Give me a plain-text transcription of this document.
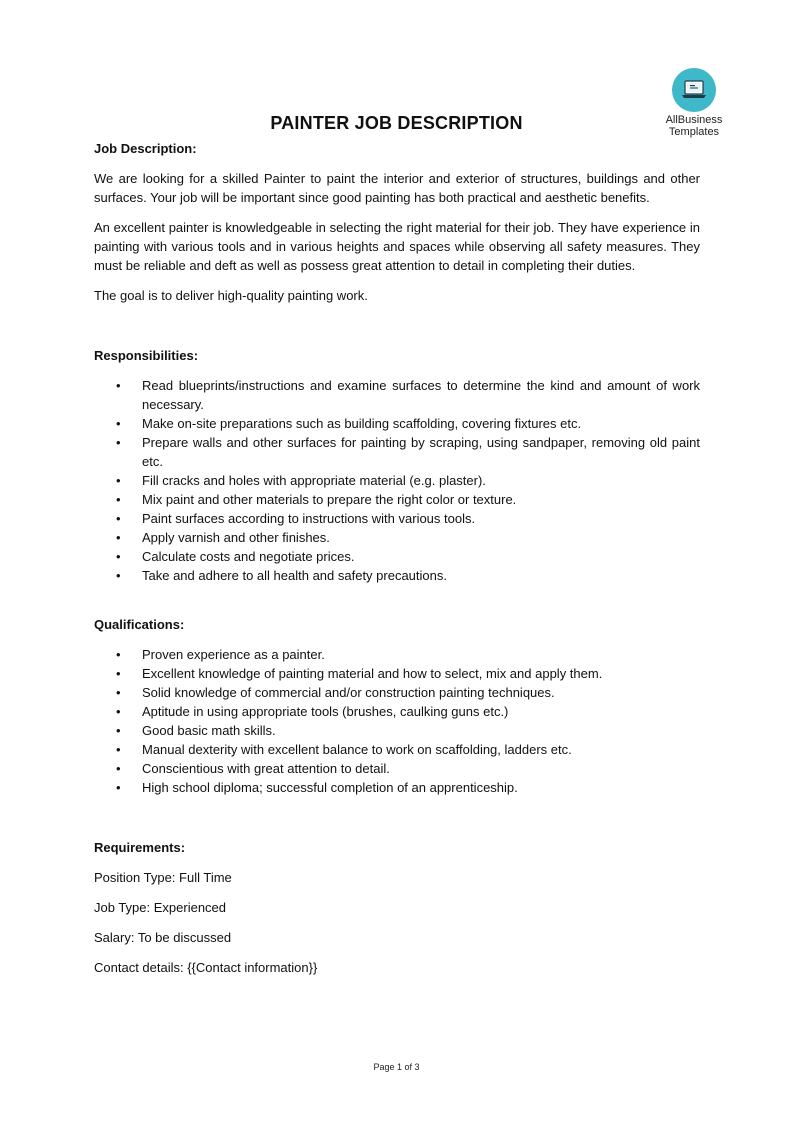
AllBusiness
Templates
PAINTER JOB DESCRIPTION
Job Description:

We are looking for a skilled Painter to paint the interior and exterior of structures, buildings and other surfaces. Your job will be important since good painting has both practical and aesthetic benefits.

An excellent painter is knowledgeable in selecting the right material for their job. They have experience in painting with various tools and in various heights and spaces while observing all safety measures. They must be reliable and deft as well as possess great attention to detail in completing their duties.

The goal is to deliver high-quality painting work.

Responsibilities:
• Read blueprints/instructions and examine surfaces to determine the kind and amount of work necessary.
• Make on-site preparations such as building scaffolding, covering fixtures etc.
• Prepare walls and other surfaces for painting by scraping, using sandpaper, removing old paint etc.
• Fill cracks and holes with appropriate material (e.g. plaster).
• Mix paint and other materials to prepare the right color or texture.
• Paint surfaces according to instructions with various tools.
• Apply varnish and other finishes.
• Calculate costs and negotiate prices.
• Take and adhere to all health and safety precautions.
Qualifications:
• Proven experience as a painter.
• Excellent knowledge of painting material and how to select, mix and apply them.
• Solid knowledge of commercial and/or construction painting techniques.
• Aptitude in using appropriate tools (brushes, caulking guns etc.)
• Good basic math skills.
• Manual dexterity with excellent balance to work on scaffolding, ladders etc.
• Conscientious with great attention to detail.
• High school diploma; successful completion of an apprenticeship.
Requirements:

Position Type: Full Time

Job Type: Experienced

Salary: To be discussed

Contact details: {{Contact information}}

Page 1 of 3
